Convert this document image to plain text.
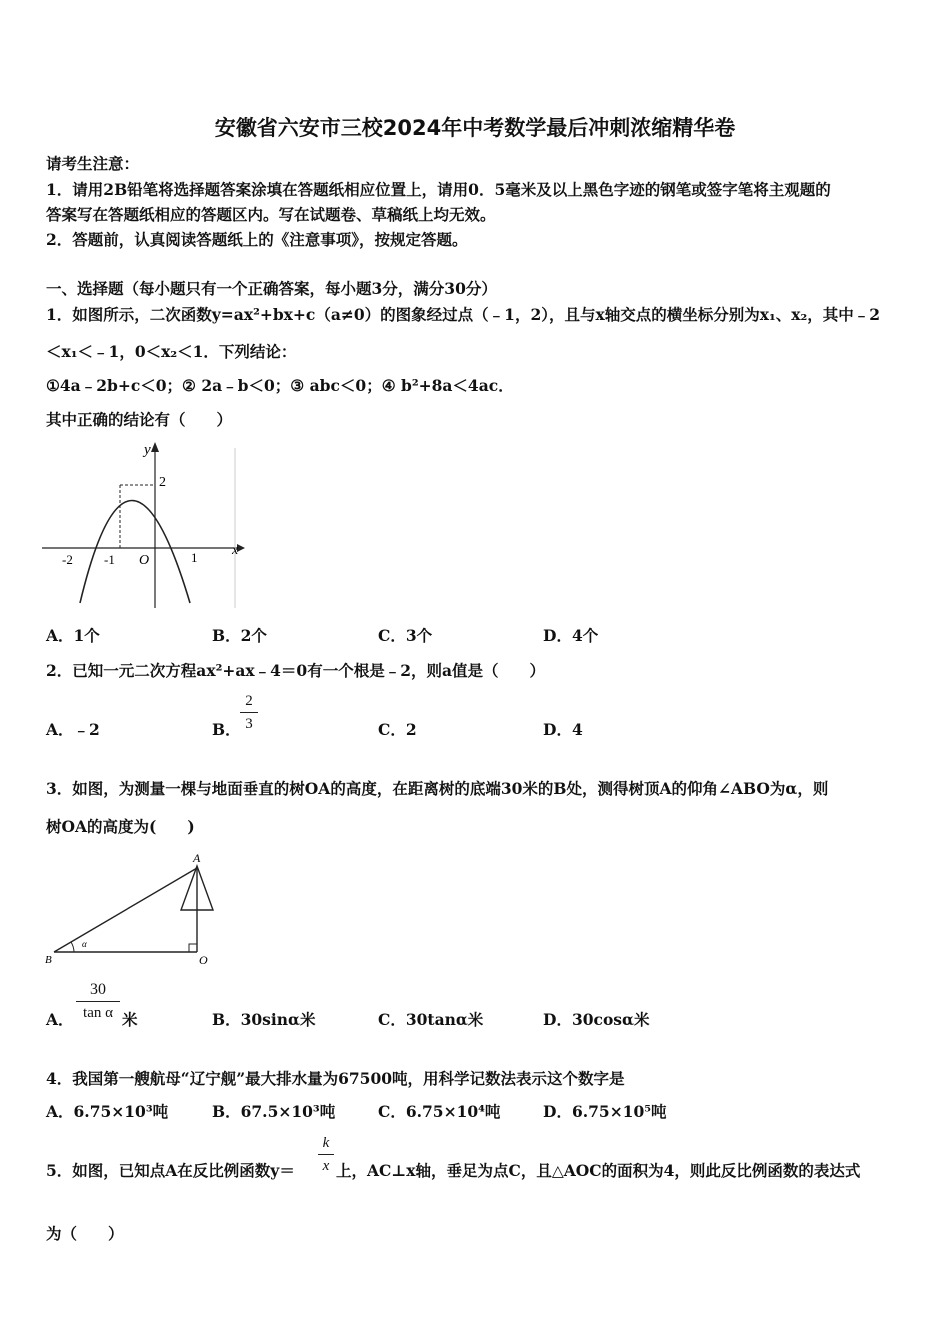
安徽省六安市三校2024年中考数学最后冲刺浓缩精华卷
请考生注意：
1．请用2B铅笔将选择题答案涂填在答题纸相应位置上，请用0．5毫米及以上黑色字迹的钢笔或签字笔将主观题的
答案写在答题纸相应的答题区内。写在试题卷、草稿纸上均无效。
2．答题前，认真阅读答题纸上的《注意事项》，按规定答题。
一、选择题（每小题只有一个正确答案，每小题3分，满分30分）
1．如图所示，二次函数y=ax²+bx+c（a≠0）的图象经过点（﹣1，2），且与x轴交点的横坐标分别为x₁、x₂，其中﹣2
＜x₁＜﹣1，0＜x₂＜1．下列结论：
①4a﹣2b+c＜0；② 2a﹣b＜0；③ abc＜0；④ b²+8a＜4ac．
其中正确的结论有（　　）
y
x
2
-2 -1 O	1
A．1个	B．2个	C．3个	D．4个
2．已知一元二次方程ax²+ax﹣4＝0有一个根是﹣2，则a值是（　　）
A．﹣2	B．
2
3	C．2	D．4
3．如图，为测量一棵与地面垂直的树OA的高度，在距离树的底端30米的B处，测得树顶A的仰角∠ABO为α，则
树OA的高度为(　　)
A
B	O
α
A．
30
tan α 米	B．30sinα米	C．30tanα米	D．30cosα米
4．我国第一艘航母“辽宁舰”最大排水量为67500吨，用科学记数法表示这个数字是
A．6.75×10³吨	B．67.5×10³吨	C．6.75×10⁴吨	D．6.75×10⁵吨
5．如图，已知点A在反比例函数y＝
k
x 上，AC⊥x轴，垂足为点C，且△AOC的面积为4，则此反比例函数的表达式
为（　　）
